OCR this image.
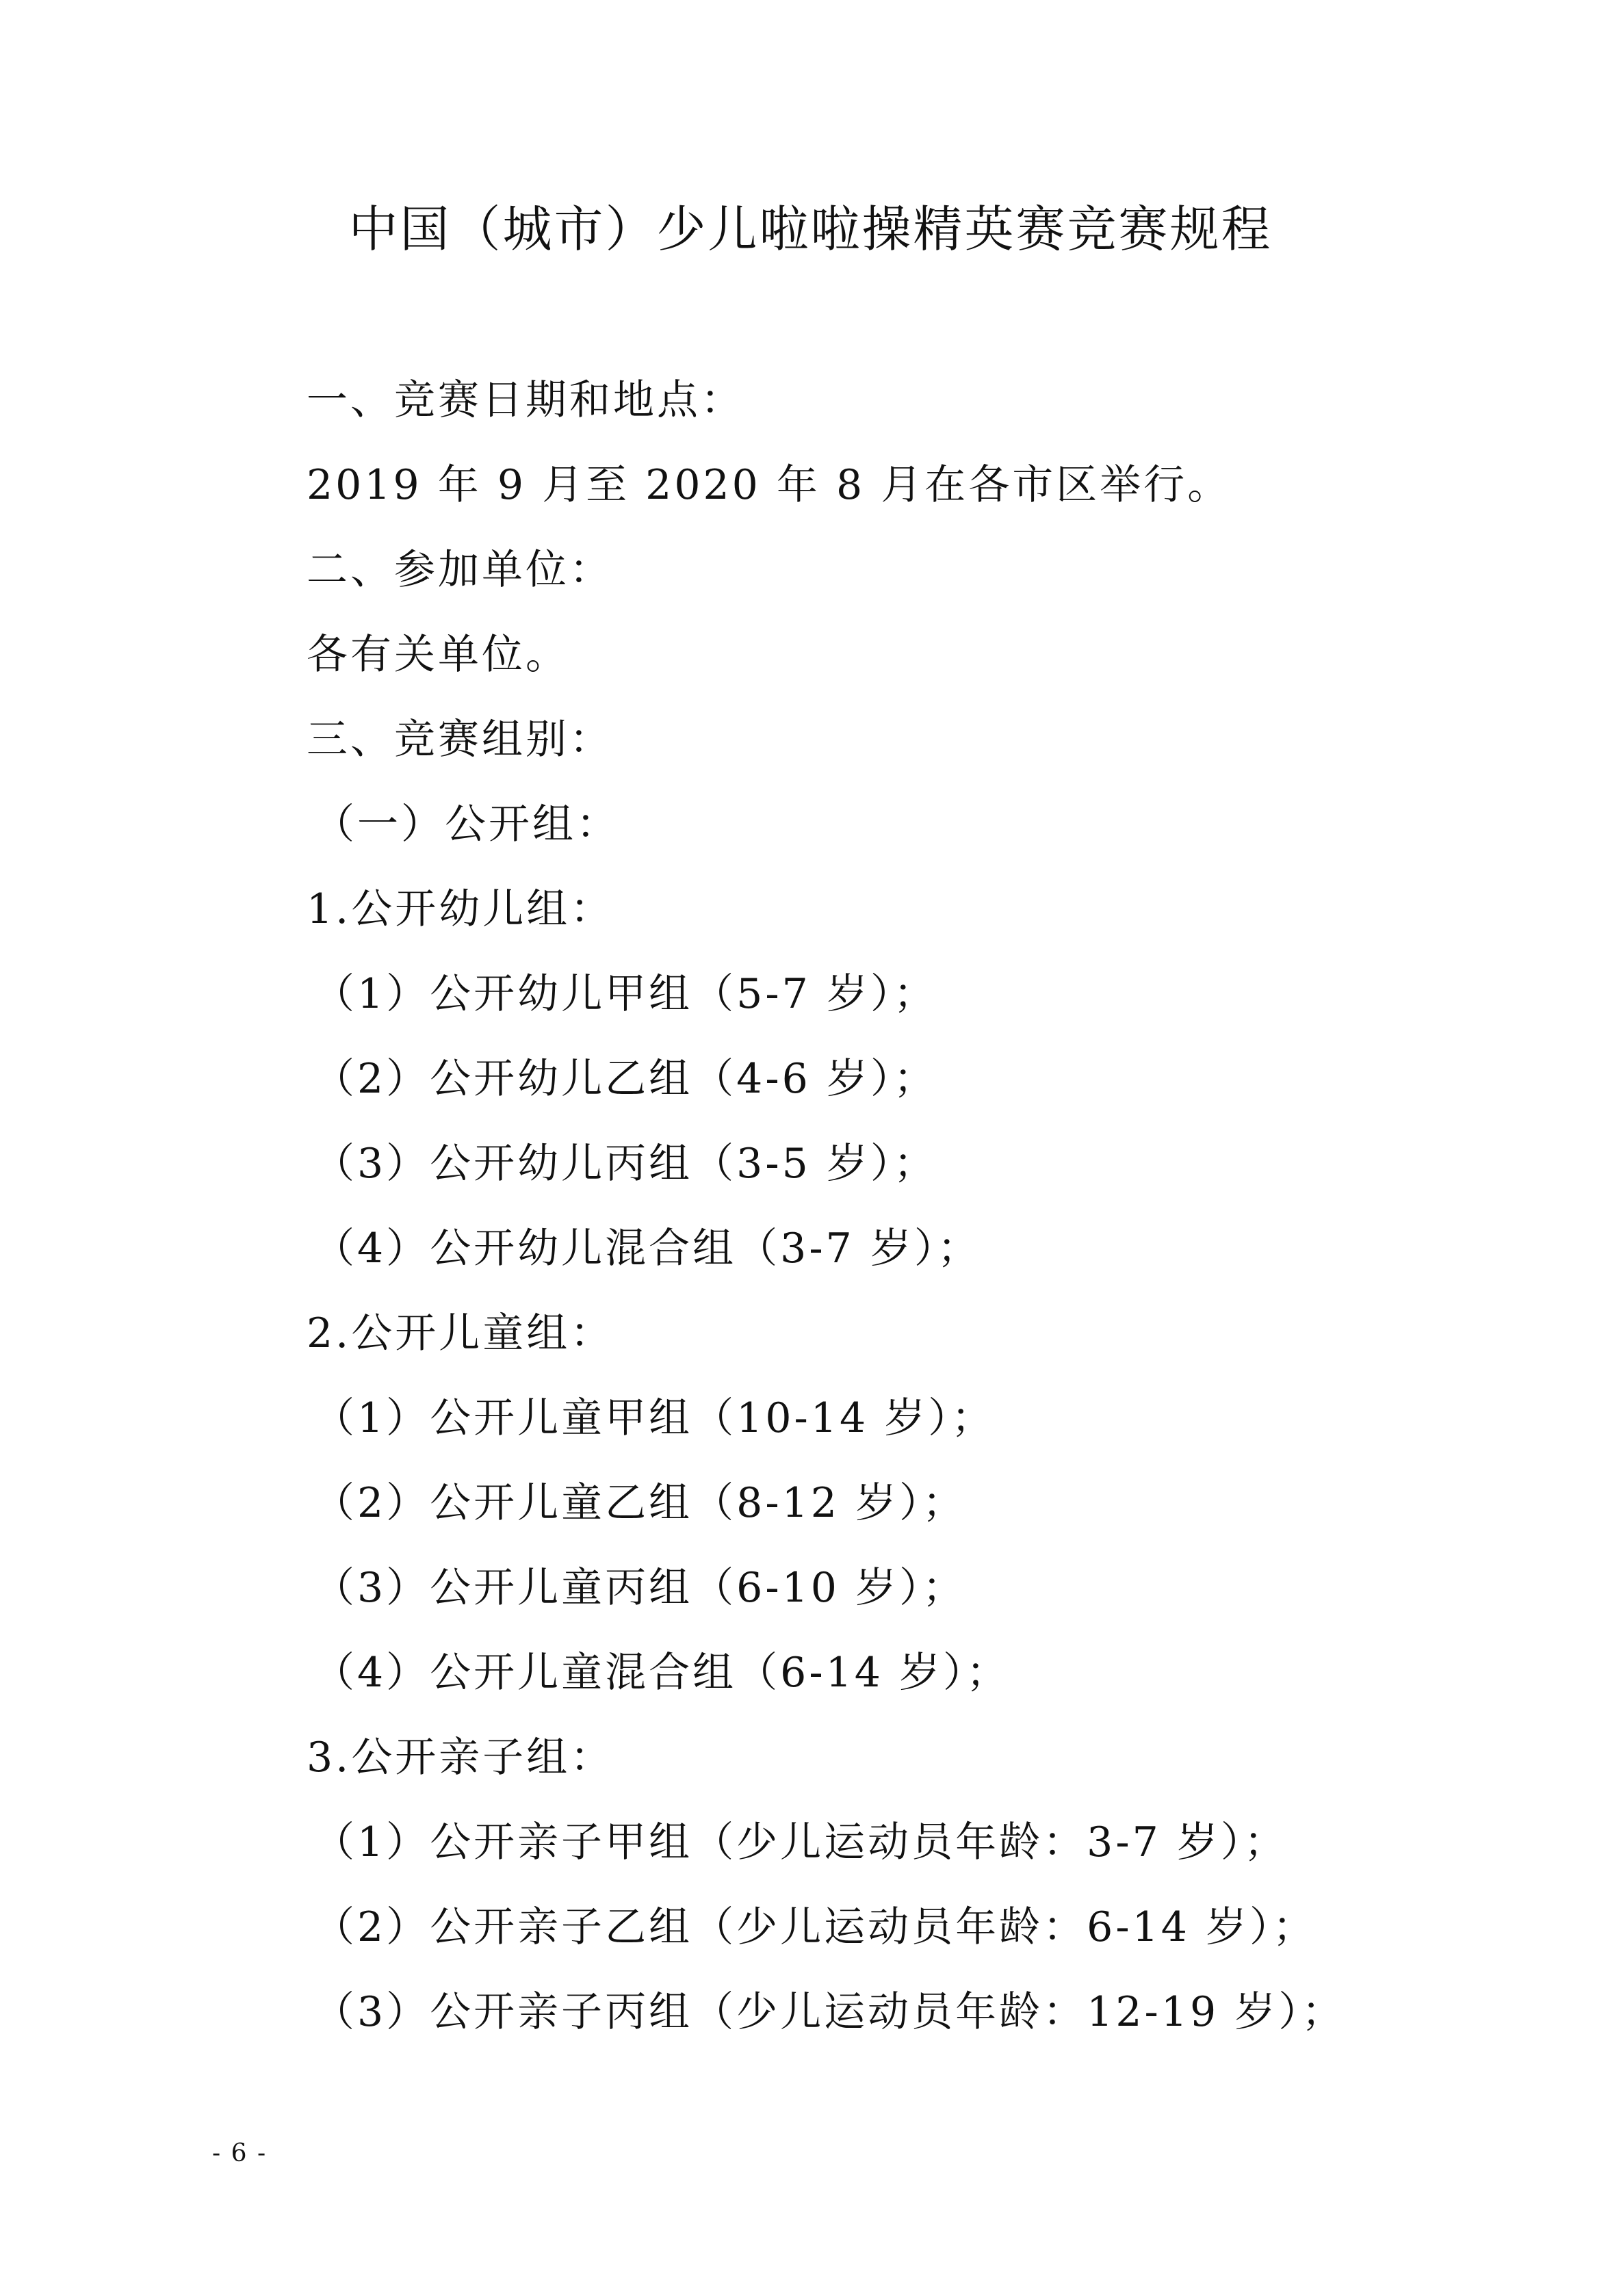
中国（城市）少儿啦啦操精英赛竞赛规程
一、竞赛日期和地点：
2019 年 9 月至 2020 年 8 月在各市区举行。
二、参加单位：
各有关单位。
三、竞赛组别：
（一）公开组：
1.公开幼儿组：
（1）公开幼儿甲组（5-7 岁）；
（2）公开幼儿乙组（4-6 岁）；
（3）公开幼儿丙组（3-5 岁）；
（4）公开幼儿混合组（3-7 岁）；
2.公开儿童组：
（1）公开儿童甲组（10-14 岁）；
（2）公开儿童乙组（8-12 岁）；
（3）公开儿童丙组（6-10 岁）；
（4）公开儿童混合组（6-14 岁）；
3.公开亲子组：
（1）公开亲子甲组（少儿运动员年龄：3-7 岁）；
（2）公开亲子乙组（少儿运动员年龄：6-14 岁）；
（3）公开亲子丙组（少儿运动员年龄：12-19 岁）；
- 6 -
